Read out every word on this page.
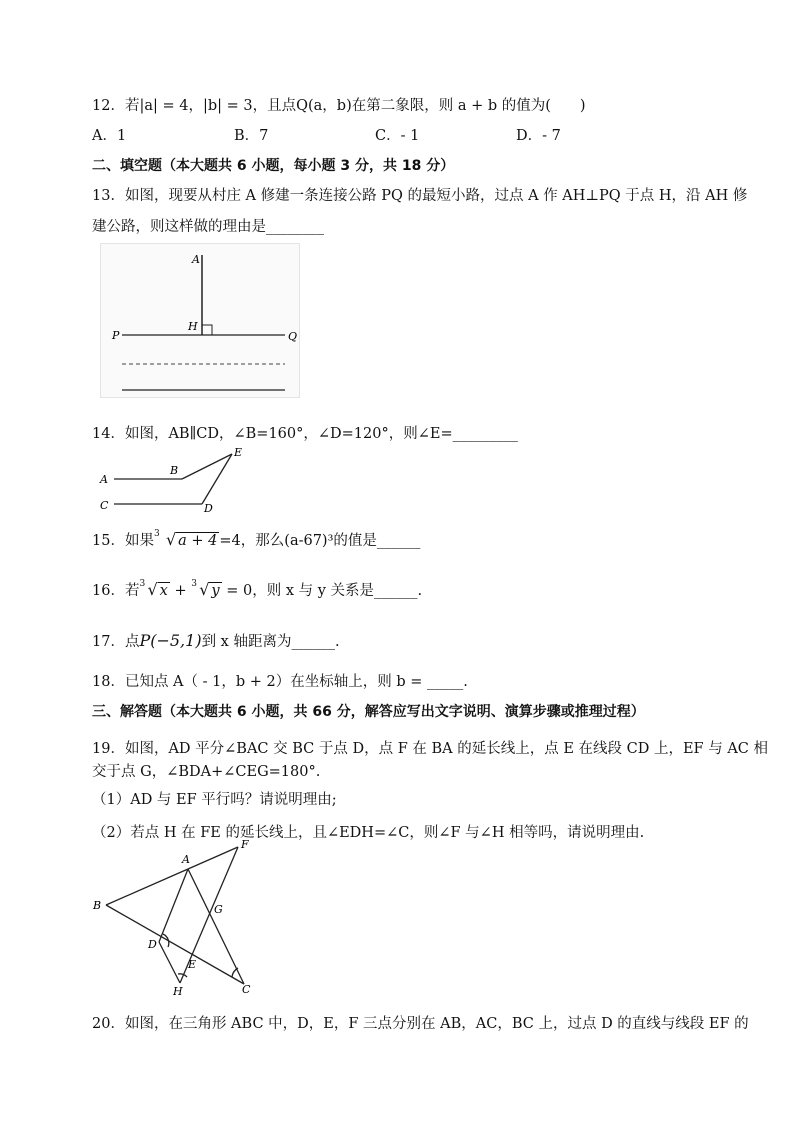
12．若|a| = 4，|b| = 3，且点Q(a，b)在第二象限，则 a + b 的值为(　　)
A．1	B．7	C．- 1	D．- 7
二、填空题（本大题共 6 小题，每小题 3 分，共 18 分）
13．如图，现要从村庄 A 修建一条连接公路 PQ 的最短小路，过点 A 作 AH⊥PQ 于点 H，沿 AH 修
建公路，则这样做的理由是________
A
H
P	Q
14．如图，AB∥CD，∠B=160°，∠D=120°，则∠E=_________
A
B
C	D
E
15．如果 3 √ a + 4 =4，那么(a-67)³的值是______
16．若 3 √ x + 3 √ y = 0，则 x 与 y 关系是______.
17．点P(−5,1)到 x 轴距离为______.
18．已知点 A（ - 1，b + 2）在坐标轴上，则 b = _____.
三、解答题（本大题共 6 小题，共 66 分，解答应写出文字说明、演算步骤或推理过程）
19．如图，AD 平分∠BAC 交 BC 于点 D，点 F 在 BA 的延长线上，点 E 在线段 CD 上，EF 与 AC 相
交于点 G，∠BDA+∠CEG=180°.
（1）AD 与 EF 平行吗？请说明理由;
（2）若点 H 在 FE 的延长线上，且∠EDH=∠C，则∠F 与∠H 相等吗，请说明理由.
B
A
F
G
D
E
H	C
20．如图，在三角形 ABC 中，D，E，F 三点分别在 AB，AC，BC 上，过点 D 的直线与线段 EF 的
